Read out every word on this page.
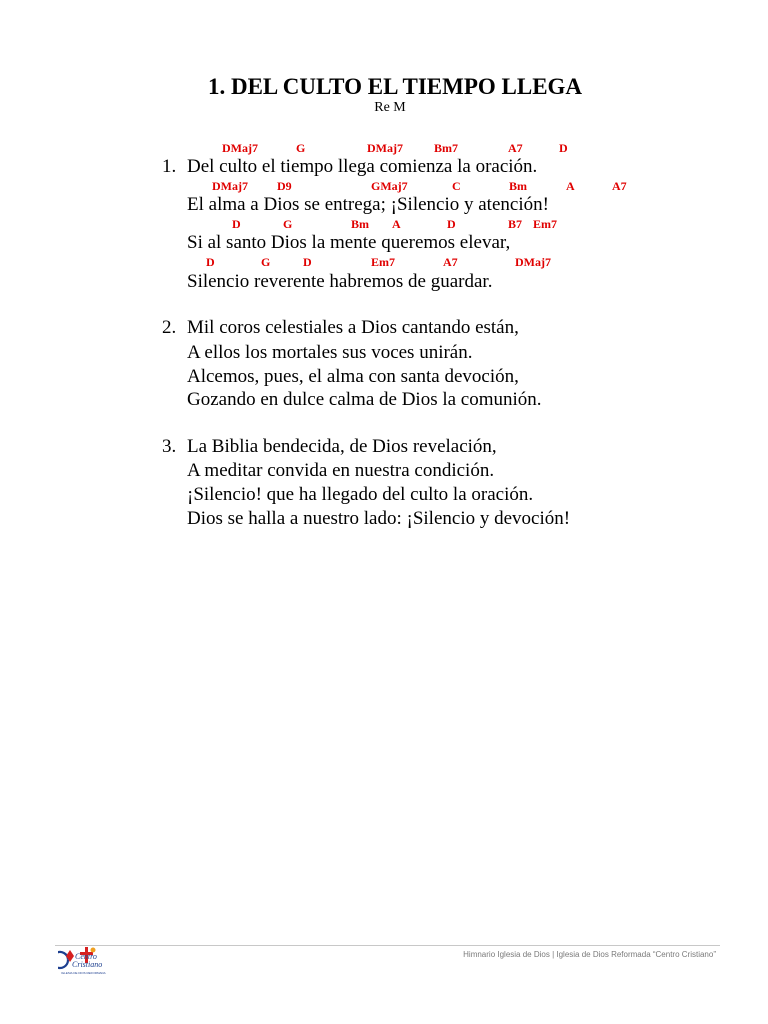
1. DEL CULTO EL TIEMPO LLEGA
Re M
DMaj7	G	DMaj7	Bm7	A7	D
1. Del culto el tiempo llega comienza la oración.
DMaj7 D9	GMaj7	C	Bm	A	A7
El alma a Dios se entrega; ¡Silencio y atención!
D	G	Bm A	D	B7 Em7
Si al santo Dios la mente queremos elevar,
D	G	D	Em7	A7	DMaj7
Silencio reverente habremos de guardar.
2. Mil coros celestiales a Dios cantando están,
A ellos los mortales sus voces unirán.
Alcemos, pues, el alma con santa devoción,
Gozando en dulce calma de Dios la comunión.
3. La Biblia bendecida, de Dios revelación,
A meditar convida en nuestra condición.
¡Silencio! que ha llegado del culto la oración.
Dios se halla a nuestro lado: ¡Silencio y devoción!
Centro
Cristiano
IGLESIA DE DIOS REFORMADA
Himnario Iglesia de Dios | Iglesia de Dios Reformada “Centro Cristiano”
